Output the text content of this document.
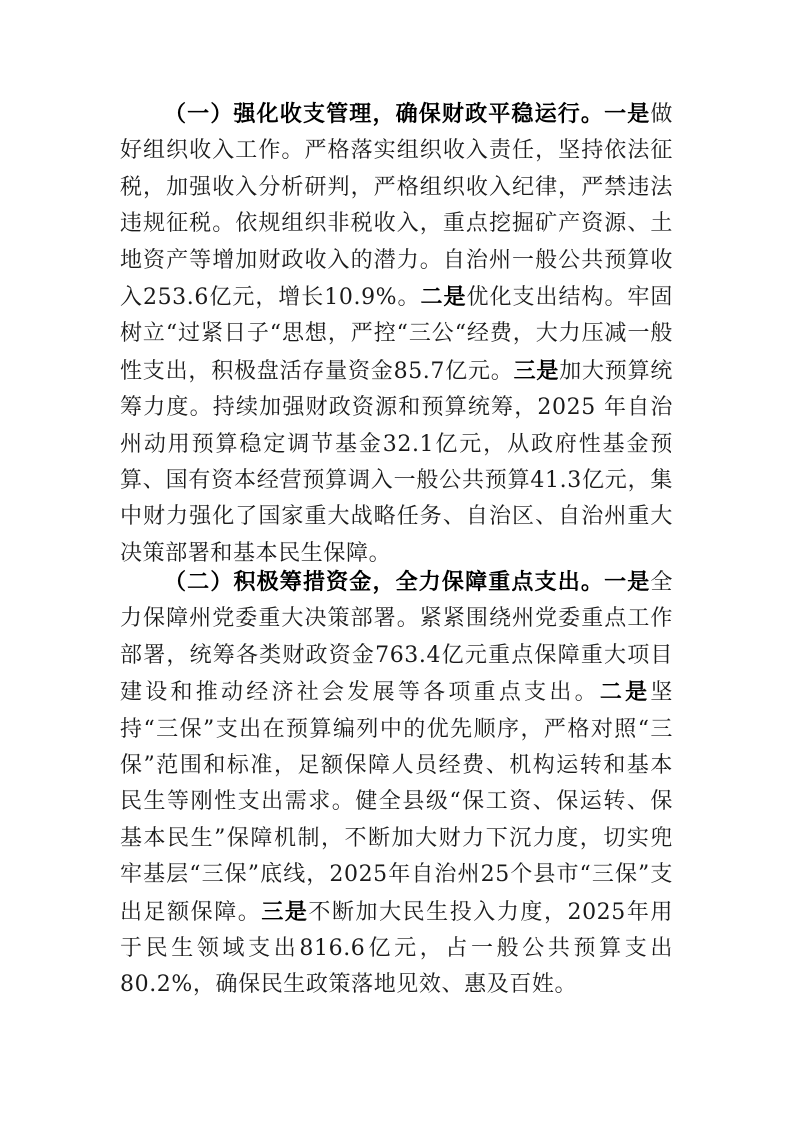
（一）强化收支管理，确保财政平稳运行。一是做好组织收入工作。严格落实组织收入责任，坚持依法征税，加强收入分析研判，严格组织收入纪律，严禁违法违规征税。依规组织非税收入，重点挖掘矿产资源、土地资产等增加财政收入的潜力。自治州一般公共预算收入253.6亿元，增长10.9%。二是优化支出结构。牢固树立“过紧日子“思想，严控“三公“经费，大力压减一般性支出，积极盘活存量资金85.7亿元。三是加大预算统筹力度。持续加强财政资源和预算统筹，2025 年自治州动用预算稳定调节基金32.1亿元，从政府性基金预算、国有资本经营预算调入一般公共预算41.3亿元，集中财力强化了国家重大战略任务、自治区、自治州重大决策部署和基本民生保障。

（二）积极筹措资金，全力保障重点支出。一是全力保障州党委重大决策部署。紧紧围绕州党委重点工作部署，统筹各类财政资金763.4亿元重点保障重大项目建设和推动经济社会发展等各项重点支出。二是坚持“三保”支出在预算编列中的优先顺序，严格对照“三保”范围和标准，足额保障人员经费、机构运转和基本民生等刚性支出需求。健全县级“保工资、保运转、保基本民生”保障机制，不断加大财力下沉力度，切实兜牢基层“三保”底线，2025年自治州25个县市“三保”支出足额保障。三是不断加大民生投入力度，2025年用于民生领域支出816.6亿元，占一般公共预算支出80.2%，确保民生政策落地见效、惠及百姓。
